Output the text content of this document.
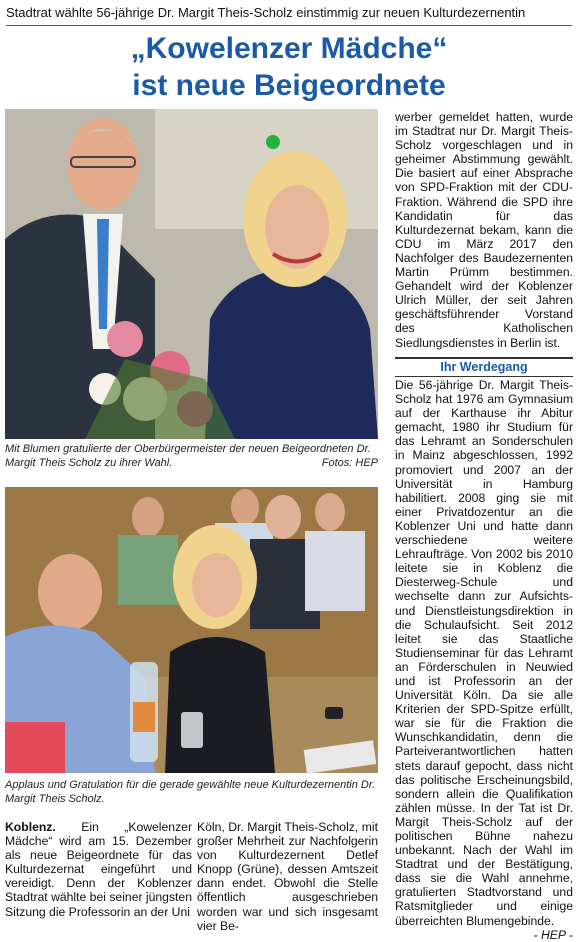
Stadtrat wählte 56-jährige Dr. Margit Theis-Scholz einstimmig zur neuen Kulturdezernentin
„Kowelenzer Mädche“
ist neue Beigeordnete
Mit Blumen gratulierte der Oberbürgermeister der neuen Beigeordneten Dr. Margit Theis Scholz zu ihrer Wahl.	Fotos: HEP
Applaus und Gratulation für die gerade gewählte neue Kulturdezernentin Dr. Margit Theis Scholz.

Koblenz. Ein „Kowelenzer Mädche“ wird am 15. Dezember als neue Beigeordnete für das Kulturdezernat eingeführt und vereidigt. Denn der Koblenzer Stadtrat wählte bei seiner jüngsten Sitzung die Professorin an der Uni

Köln, Dr. Margit Theis-Scholz, mit großer Mehrheit zur Nachfolgerin von Kulturdezernent Detlef Knopp (Grüne), dessen Amtszeit dann endet. Obwohl die Stelle öffentlich ausgeschrieben worden war und sich insgesamt vier Be-

werber gemeldet hatten, wurde im Stadtrat nur Dr. Margit Theis-Scholz vorgeschlagen und in geheimer Abstimmung gewählt. Die basiert auf einer Absprache von SPD-Fraktion mit der CDU-Fraktion. Während die SPD ihre Kandidatin für das Kulturdezernat bekam, kann die CDU im März 2017 den Nachfolger des Baudezernenten Martin Prümm bestimmen. Gehandelt wird der Koblenzer Ulrich Müller, der seit Jahren geschäftsführender Vorstand des Katholischen Siedlungsdienstes in Berlin ist.

Ihr Werdegang

Die 56-jährige Dr. Margit Theis-Scholz hat 1976 am Gymnasium auf der Karthause ihr Abitur gemacht, 1980 ihr Studium für das Lehramt an Sonderschulen in Mainz abgeschlossen, 1992 promoviert und 2007 an der Universität in Hamburg habilitiert. 2008 ging sie mit einer Privatdozentur an die Koblenzer Uni und hatte dann verschiedene weitere Lehraufträge. Von 2002 bis 2010 leitete sie in Koblenz die Diesterweg-Schule und wechselte dann zur Aufsichts- und Dienstleistungsdirektion in die Schulaufsicht. Seit 2012 leitet sie das Staatliche Studienseminar für das Lehramt an Förderschulen in Neuwied und ist Professorin an der Universität Köln. Da sie alle Kriterien der SPD-Spitze erfüllt, war sie für die Fraktion die Wunschkandidatin, denn die Parteiverantwortlichen hatten stets darauf gepocht, dass nicht das politische Erscheinungsbild, sondern allein die Qualifikation zählen müsse. In der Tat ist Dr. Margit Theis-Scholz auf der politischen Bühne nahezu unbekannt. Nach der Wahl im Stadtrat und der Bestätigung, dass sie die Wahl annehme, gratulierten Stadtvorstand und Ratsmitglieder und einige überreichten Blumengebinde.

- HEP -
